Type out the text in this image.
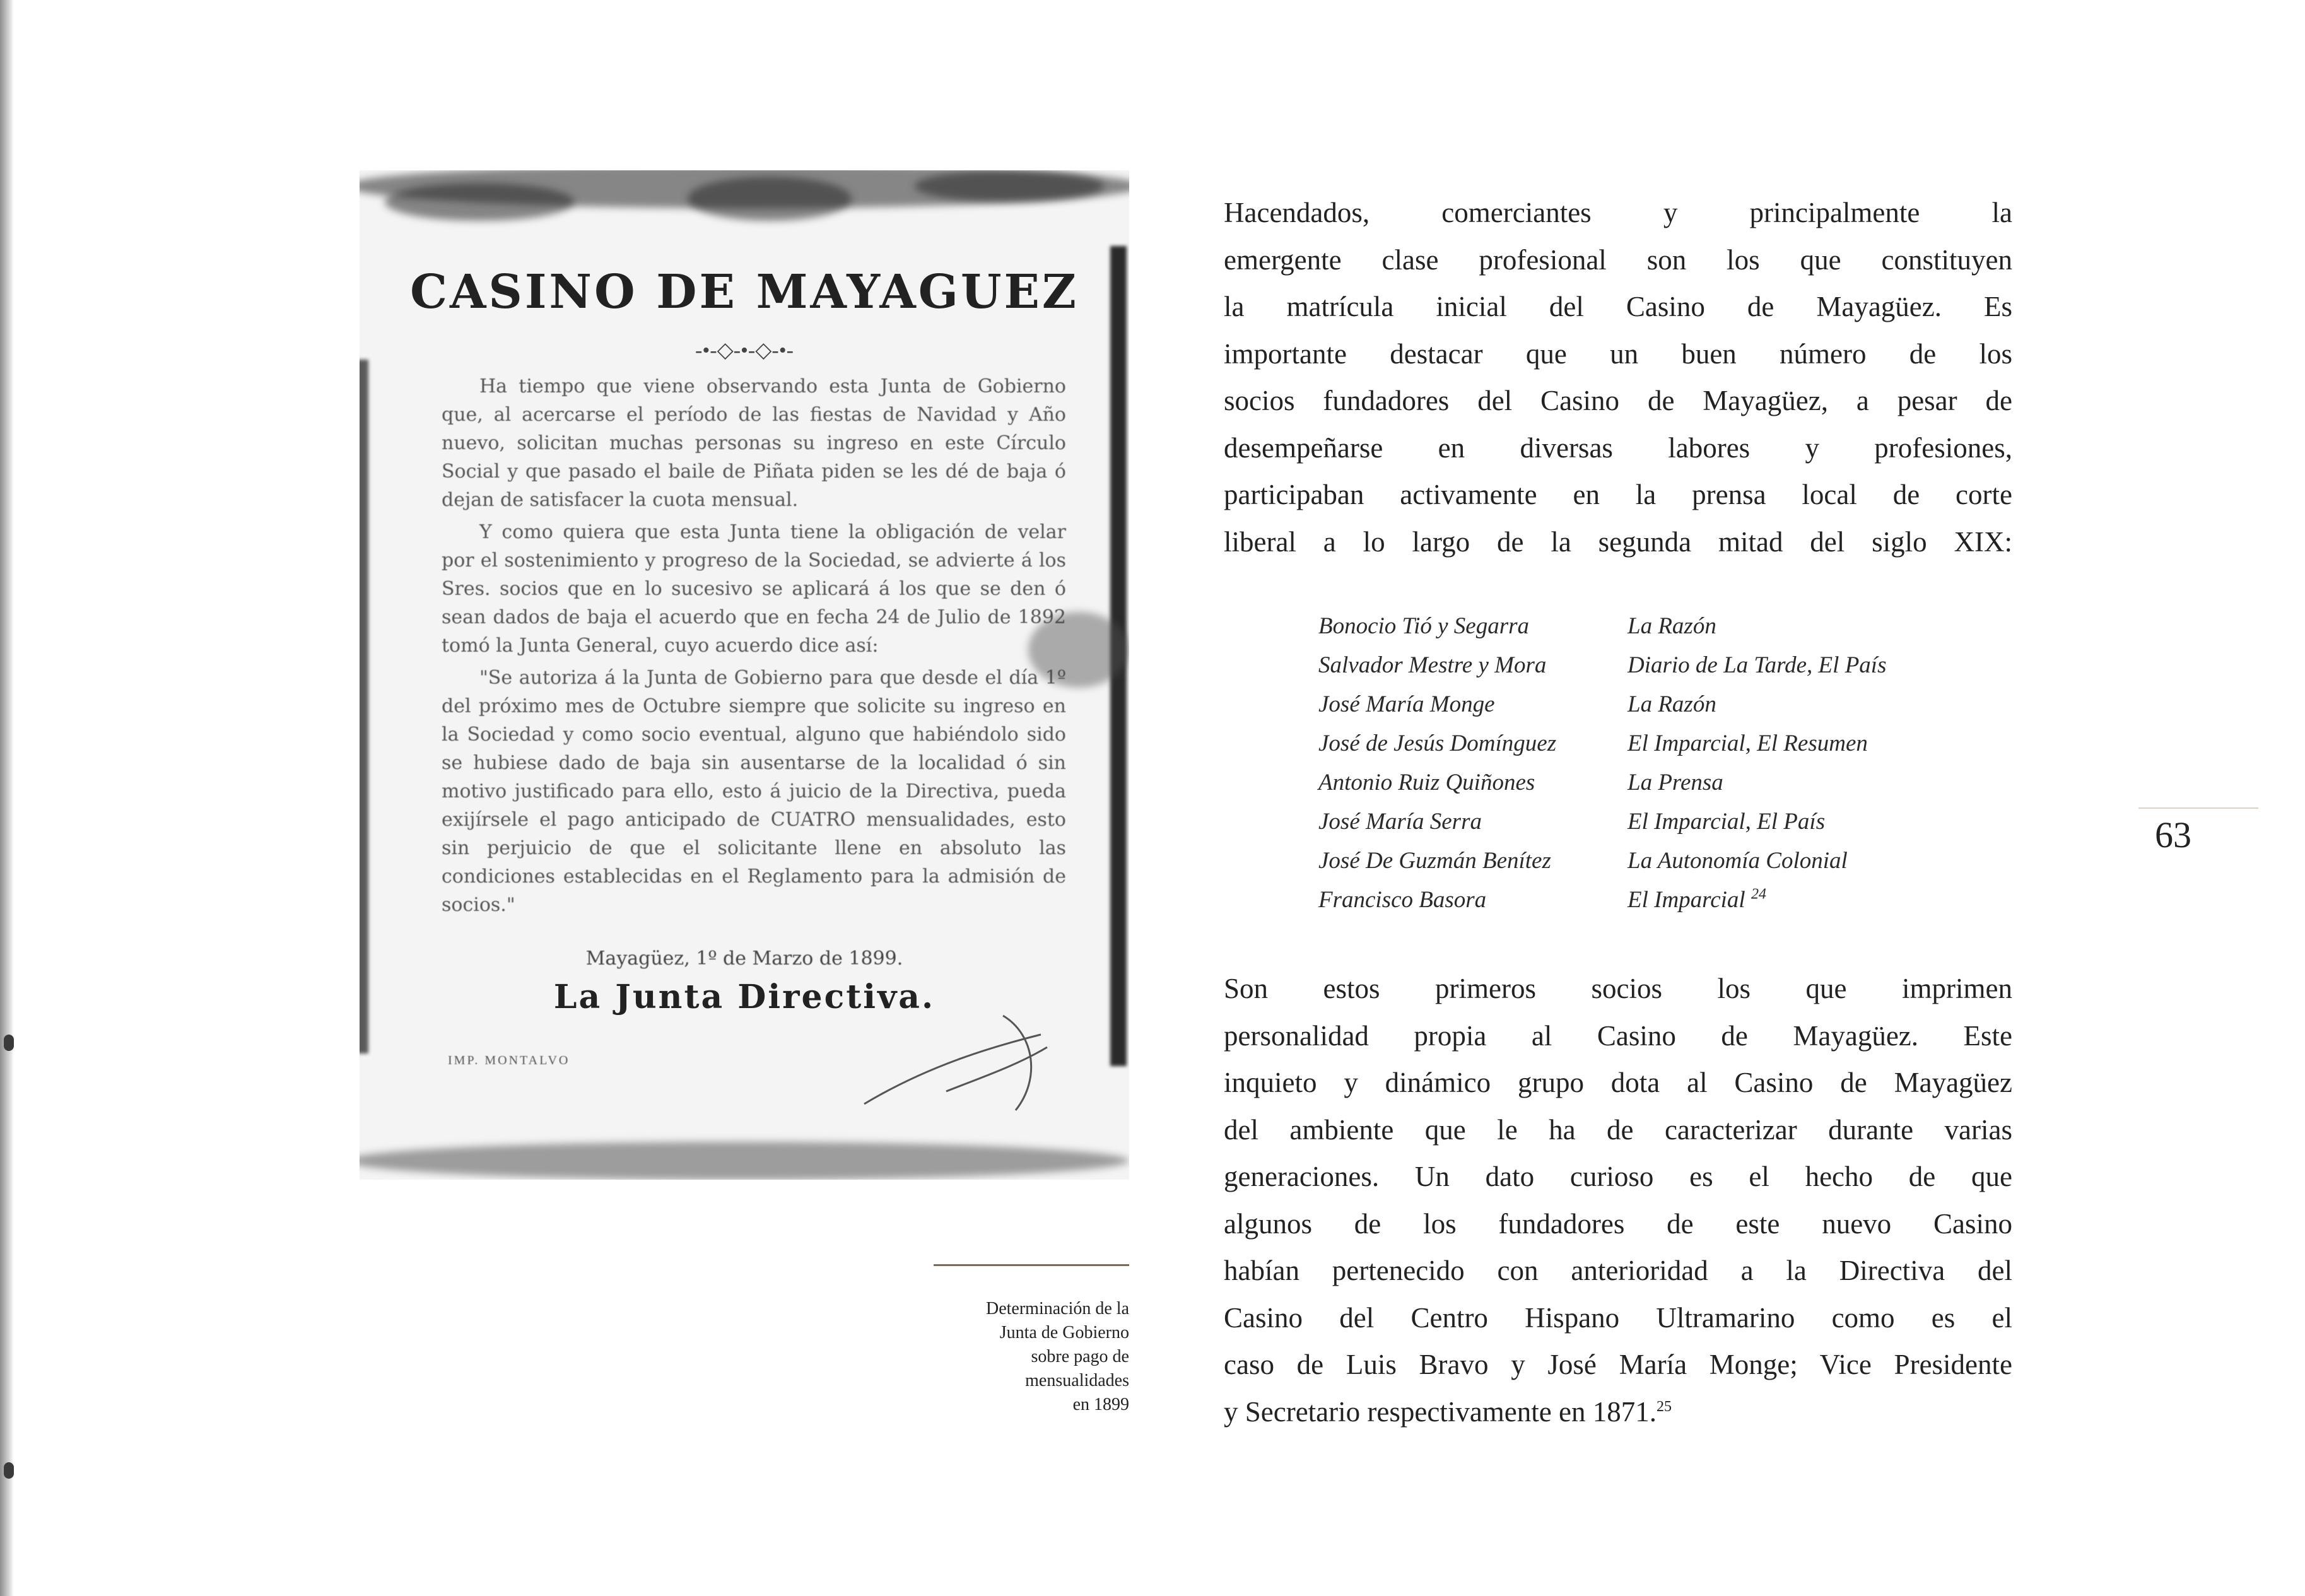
CASINO DE MAYAGUEZ
-•-◇-•-◇-•-

Ha tiempo que viene observando esta Junta de Gobierno que, al acercarse el período de las fiestas de Navidad y Año nuevo, solicitan muchas personas su ingreso en este Círculo Social y que pasado el baile de Piñata piden se les dé de baja ó dejan de satisfacer la cuota mensual.

Y como quiera que esta Junta tiene la obligación de velar por el sostenimiento y progreso de la Sociedad, se advierte á los Sres. socios que en lo sucesivo se aplicará á los que se den ó sean dados de baja el acuerdo que en fecha 24 de Julio de 1892 tomó la Junta General, cuyo acuerdo dice así:

"Se autoriza á la Junta de Gobierno para que desde el día 1º del próximo mes de Octubre siempre que solicite su ingreso en la Sociedad y como socio eventual, alguno que habiéndolo sido se hubiese dado de baja sin ausentarse de la localidad ó sin motivo justificado para ello, esto á juicio de la Directiva, pueda exijírsele el pago anticipado de CUATRO mensualidades, esto sin perjuicio de que el solicitante llene en absoluto las condiciones establecidas en el Reglamento para la admisión de socios."

Mayagüez, 1º de Marzo de 1899.
La Junta Directiva.
IMP. MONTALVO
Determinación de la
Junta de Gobierno
sobre pago de
mensualidades
en 1899
Hacendados, comerciantes y principalmente la
emergente clase profesional son los que constituyen
la matrícula inicial del Casino de Mayagüez. Es
importante destacar que un buen número de los
socios fundadores del Casino de Mayagüez, a pesar de
desempeñarse en diversas labores y profesiones,
participaban activamente en la prensa local de corte
liberal a lo largo de la segunda mitad del siglo XIX:
Bonocio Tió y Segarra	La Razón
Salvador Mestre y Mora	Diario de La Tarde, El País
José María Monge	La Razón
José de Jesús Domínguez	El Imparcial, El Resumen
Antonio Ruiz Quiñones	La Prensa
José María Serra	El Imparcial, El País
José De Guzmán Benítez	La Autonomía Colonial
Francisco Basora	El Imparcial $^{24}$
Son estos primeros socios los que imprimen
personalidad propia al Casino de Mayagüez. Este
inquieto y dinámico grupo dota al Casino de Mayagüez
del ambiente que le ha de caracterizar durante varias
generaciones. Un dato curioso es el hecho de que
algunos de los fundadores de este nuevo Casino
habían pertenecido con anterioridad a la Directiva del
Casino del Centro Hispano Ultramarino como es el
caso de Luis Bravo y José María Monge; Vice Presidente
y Secretario respectivamente en 1871.25
63
